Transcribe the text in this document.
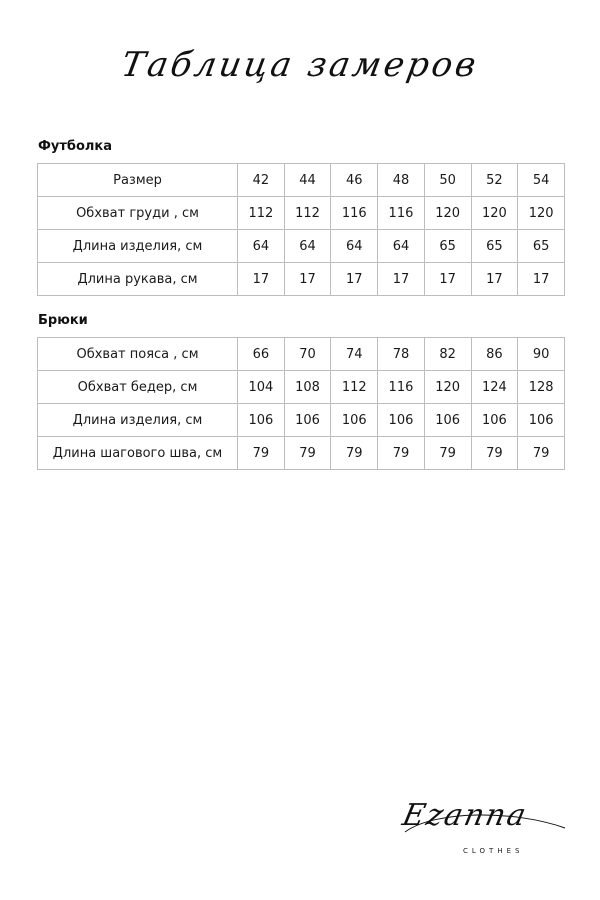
Таблица замеров
Футболка
Размер	42	44	46	48	50	52	54
Обхват груди , см	112	112	116	116	120	120	120
Длина изделия, см	64	64	64	64	65	65	65
Длина рукава, см	17	17	17	17	17	17	17
Брюки
Обхват пояса , см	66	70	74	78	82	86	90
Обхват бедер, см	104	108	112	116	120	124	128
Длина изделия, см	106	106	106	106	106	106	106
Длина шагового шва, см	79	79	79	79	79	79	79
Ezanna
CLOTHES
